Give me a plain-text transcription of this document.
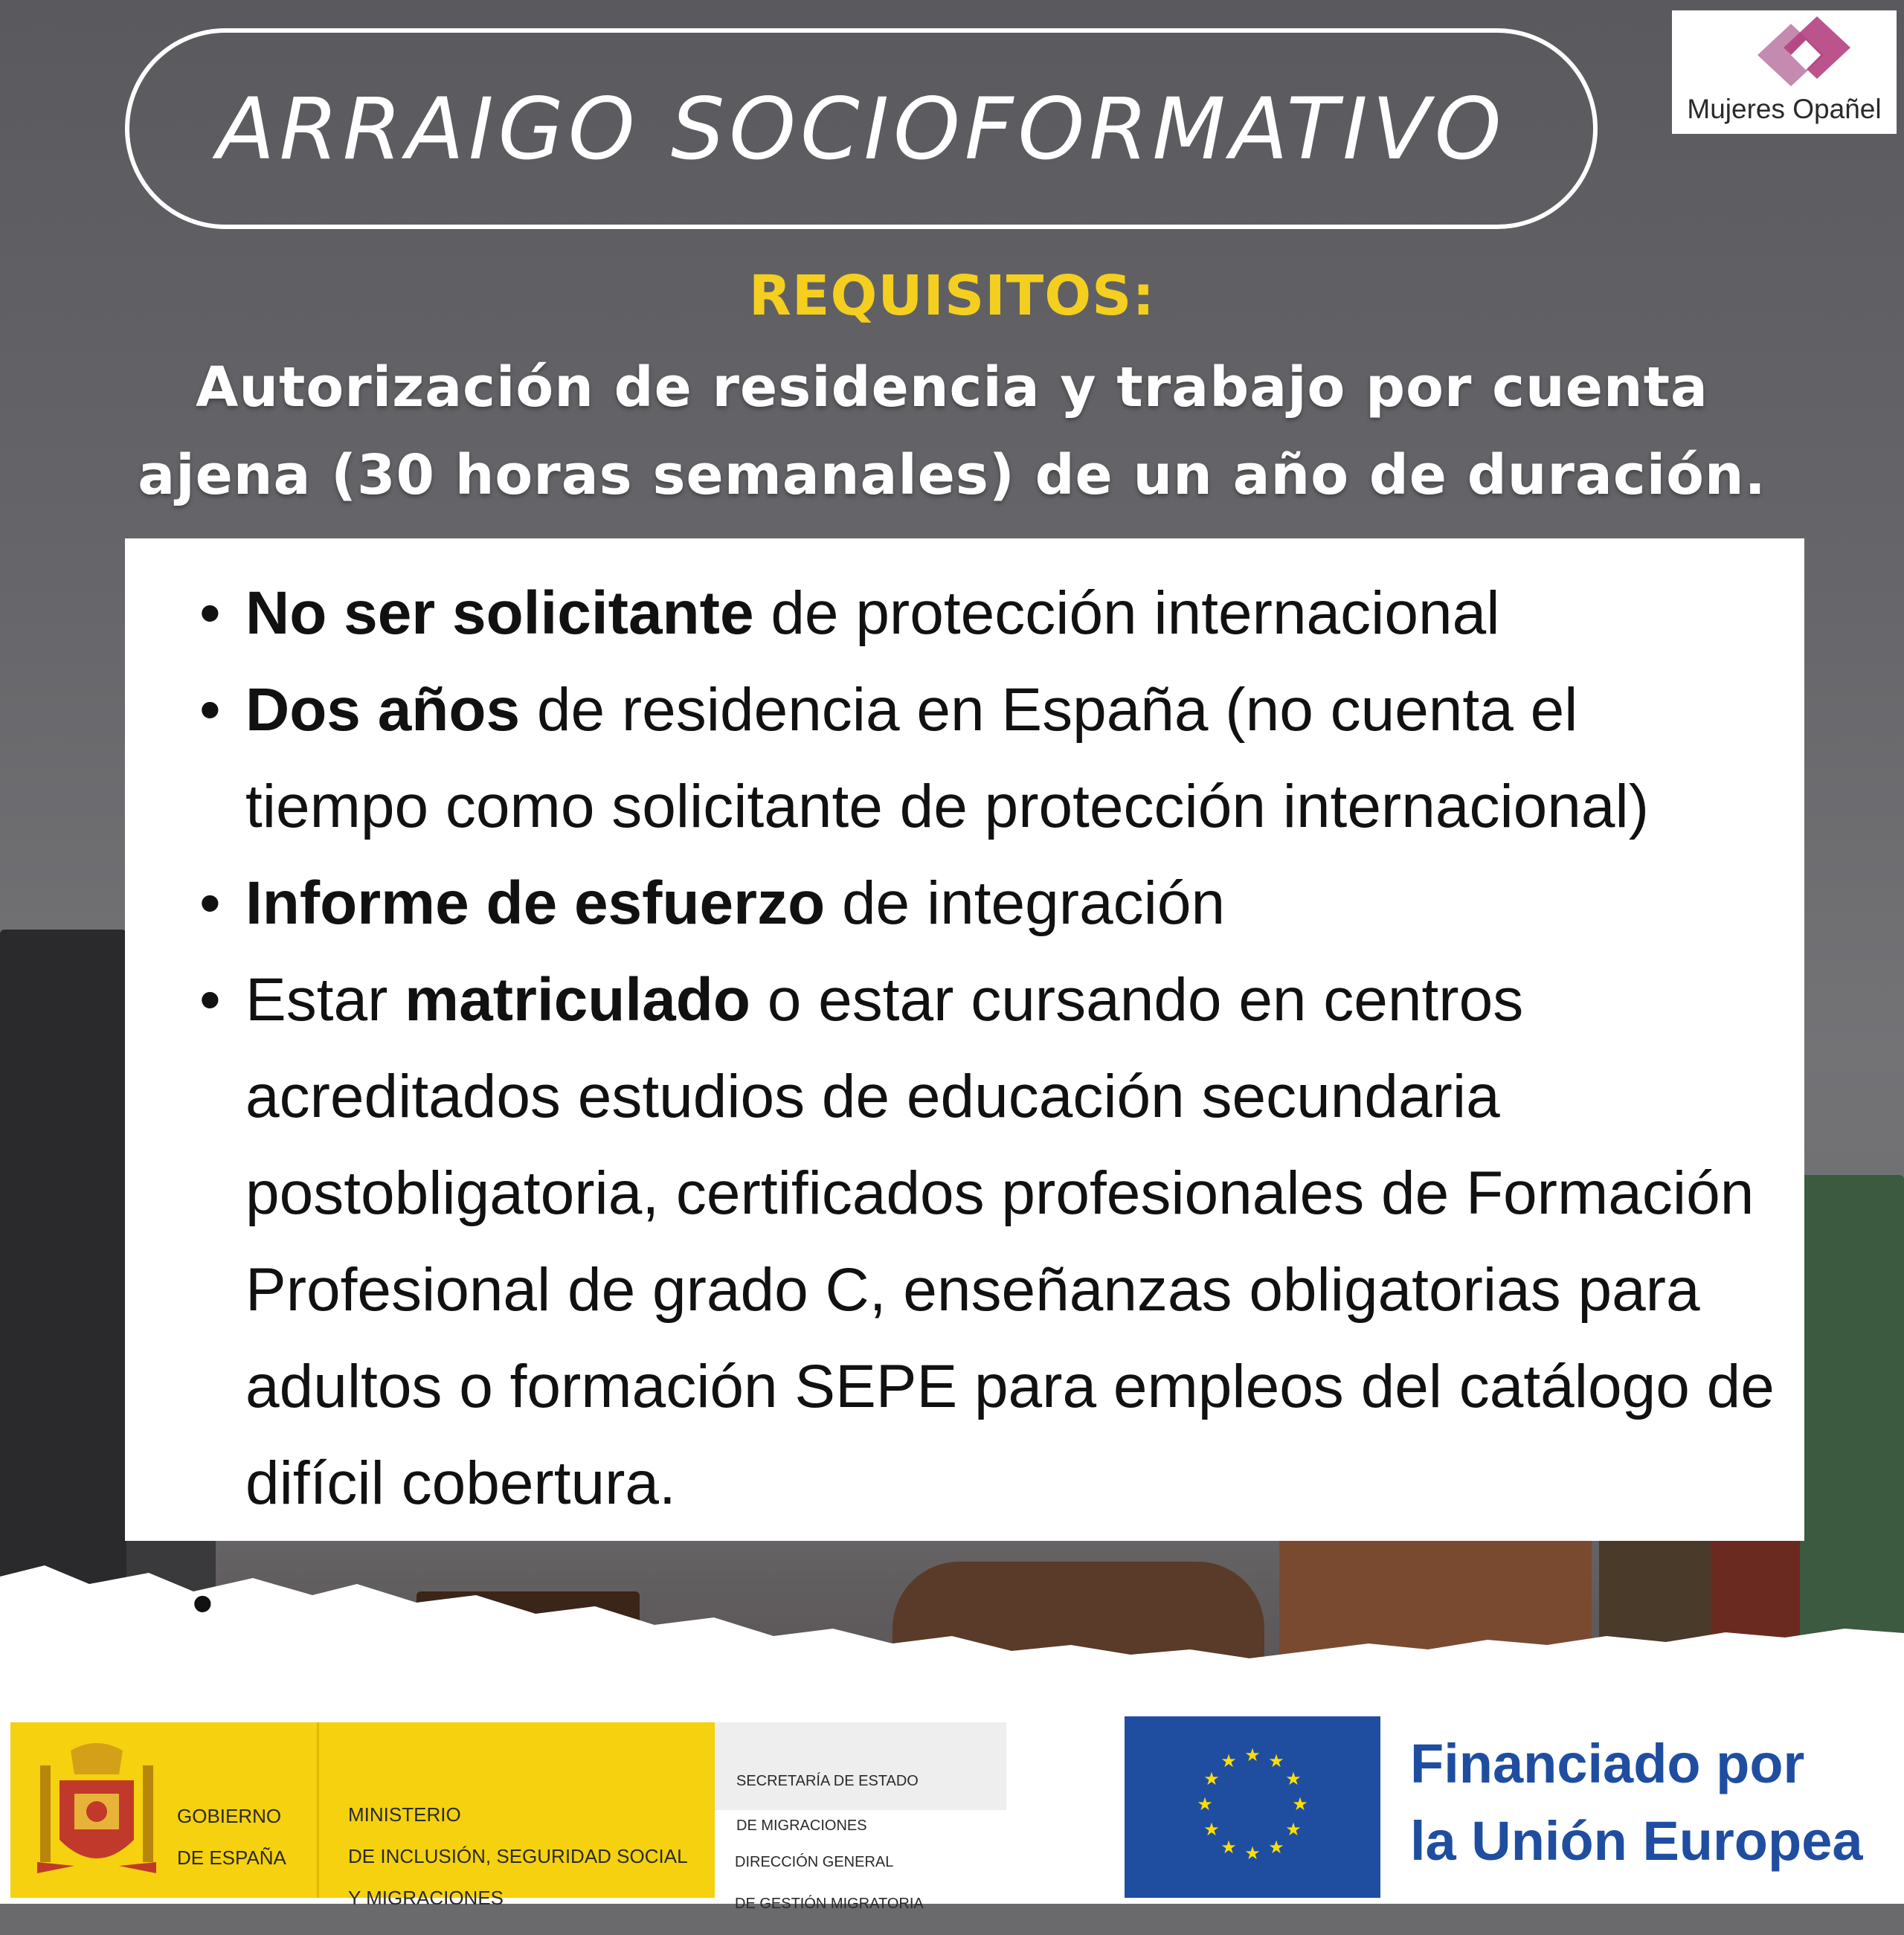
ARRAIGO SOCIOFORMATIVO	Mujeres Opañel
REQUISITOS:
Autorización de residencia y trabajo por cuenta
ajena (30 horas semanales) de un año de duración.
• No ser solicitante de protección internacional
• Dos años de residencia en España (no cuenta el
tiempo como solicitante de protección internacional)
• Informe de esfuerzo de integración
• Estar matriculado o estar cursando en centros
acreditados estudios de educación secundaria
postobligatoria, certificados profesionales de Formación
Profesional de grado C, enseñanzas obligatorias para
adultos o formación SEPE para empleos del catálogo de
difícil cobertura.
•

GOBIERNO

DE ESPAÑA

MINISTERIO

DE INCLUSIÓN, SEGURIDAD SOCIAL

Y MIGRACIONES

SECRETARÍA DE ESTADO

DE MIGRACIONES

DIRECCIÓN GENERAL

DE GESTIÓN MIGRATORIA

★ ★
★
★
★
★
★
★
★
★
★
★	Financiado por
la Unión Europea
